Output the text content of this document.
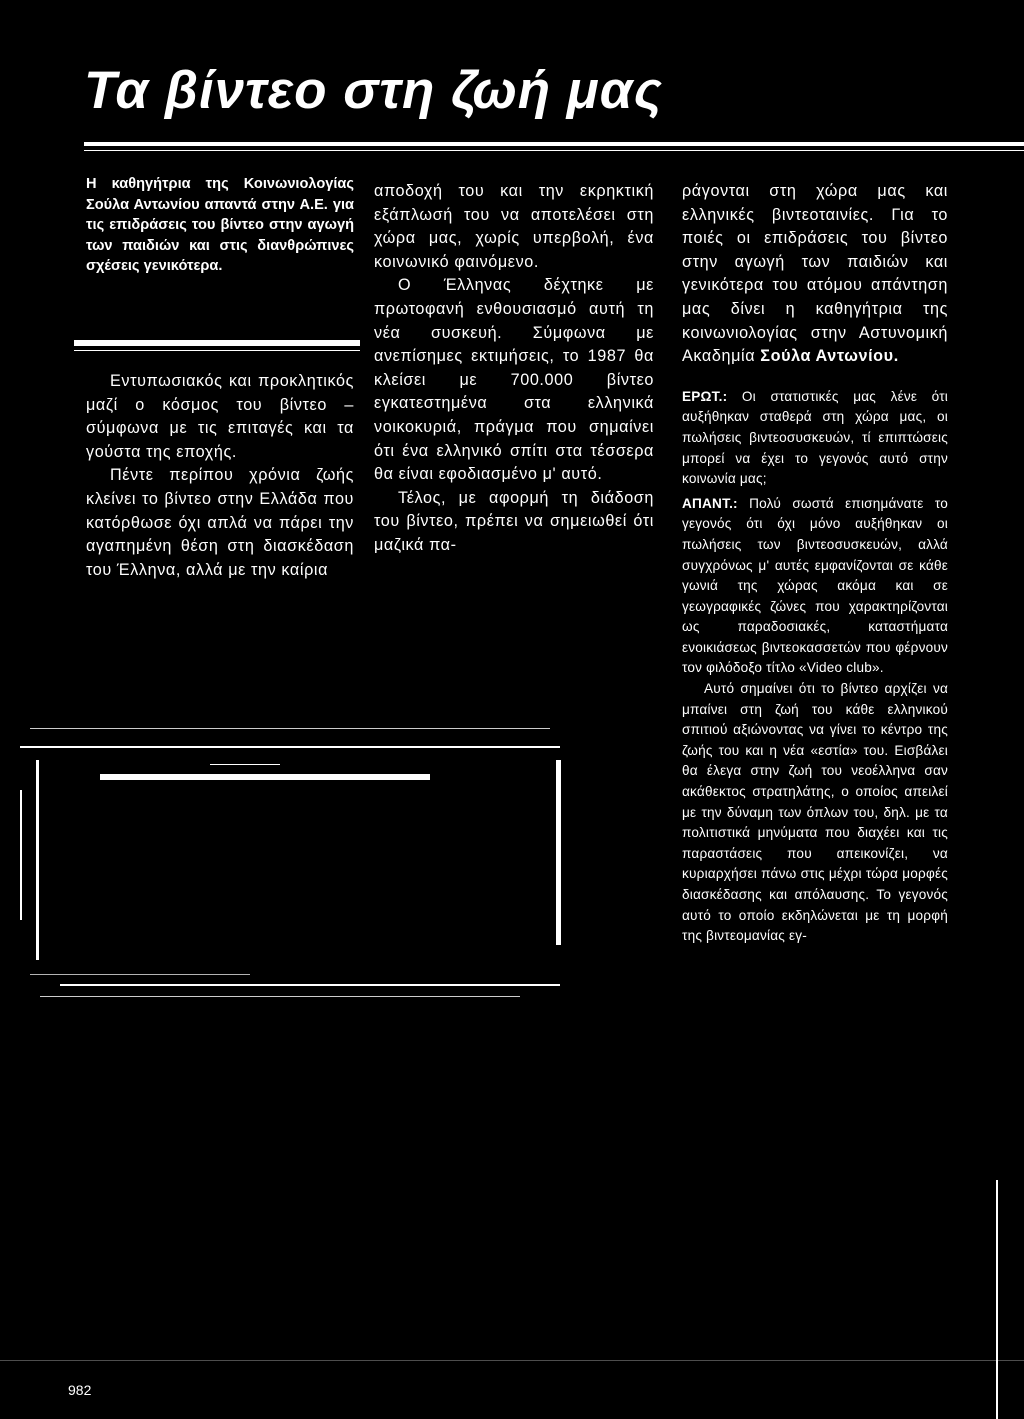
Τα βίντεο στη ζωή μας

Η καθηγήτρια της Κοινωνιολογίας Σούλα Αντωνίου απαντά στην Α.Ε. για τις επιδράσεις του βίντεο στην αγωγή των παιδιών και στις διανθρώπινες σχέσεις γενικότερα.

Εντυπωσιακός και προκλητικός μαζί ο κόσμος του βίντεο – σύμφωνα με τις επιταγές και τα γούστα της εποχής.

Πέντε περίπου χρόνια ζωής κλείνει το βίντεο στην Ελλάδα που κατόρθωσε όχι απλά να πάρει την αγαπημένη θέση στη διασκέδαση του Έλληνα, αλλά με την καίρια

αποδοχή του και την εκρηκτική εξάπλωσή του να αποτελέσει στη χώρα μας, χωρίς υπερβολή, ένα κοινωνικό φαινόμενο.

Ο Έλληνας δέχτηκε με πρωτοφανή ενθουσιασμό αυτή τη νέα συσκευή. Σύμφωνα με ανεπίσημες εκτιμήσεις, το 1987 θα κλείσει με 700.000 βίντεο εγκατεστημένα στα ελληνικά νοικοκυριά, πράγμα που σημαίνει ότι ένα ελληνικό σπίτι στα τέσσερα θα είναι εφοδιασμένο μ' αυτό.

Τέλος, με αφορμή τη διάδοση του βίντεο, πρέπει να σημειωθεί ότι μαζικά πα-

ράγονται στη χώρα μας και ελληνικές βιντεοταινίες. Για το ποιές οι επιδράσεις του βίντεο στην αγωγή των παιδιών και γενικότερα του ατόμου απάντηση μας δίνει η καθηγήτρια της κοινωνιολογίας στην Αστυνομική Ακαδημία Σούλα Αντωνίου.

ΕΡΩΤ.: Οι στατιστικές μας λένε ότι αυξήθηκαν σταθερά στη χώρα μας, οι πωλήσεις βιντεοσυσκευών, τί επιπτώσεις μπορεί να έχει το γεγονός αυτό στην κοινωνία μας;

ΑΠΑΝΤ.: Πολύ σωστά επισημάνατε το γεγονός ότι όχι μόνο αυξήθηκαν οι πωλήσεις των βιντεοσυσκευών, αλλά συγχρόνως μ' αυτές εμφανίζονται σε κάθε γωνιά της χώρας ακόμα και σε γεωγραφικές ζώνες που χαρακτηρίζονται ως παραδοσιακές, καταστήματα ενοικιάσεως βιντεοκασσετών που φέρνουν τον φιλόδοξο τίτλο «Video club».

Αυτό σημαίνει ότι το βίντεο αρχίζει να μπαίνει στη ζωή του κάθε ελληνικού σπιτιού αξιώνοντας να γίνει το κέντρο της ζωής του και η νέα «εστία» του. Εισβάλει θα έλεγα στην ζωή του νεοέλληνα σαν ακάθεκτος στρατηλάτης, ο οποίος απειλεί με την δύναμη των όπλων του, δηλ. με τα πολιτιστικά μηνύματα που διαχέει και τις παραστάσεις που απεικονίζει, να κυριαρχήσει πάνω στις μέχρι τώρα μορφές διασκέδασης και απόλαυσης. Το γεγονός αυτό το οποίο εκδηλώνεται με τη μορφή της βιντεομανίας εγ-

982
